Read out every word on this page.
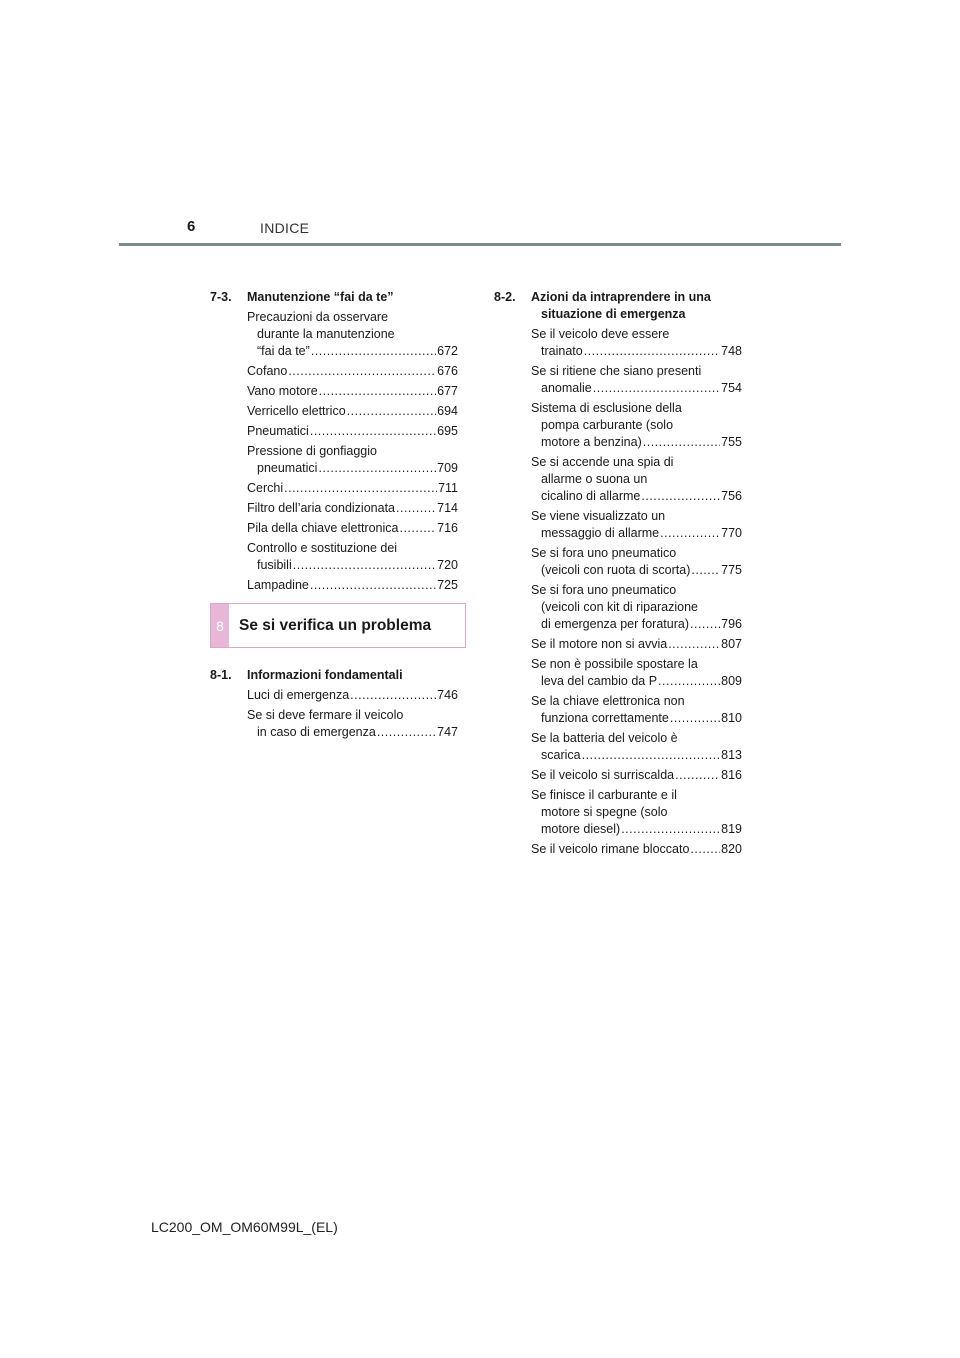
6	INDICE
7-3.	Manutenzione “fai da te”
Precauzioni da osservare
durante la manutenzione
“fai da te” .....	672
Cofano .....	676
Vano motore .....	677
Verricello elettrico .....	694
Pneumatici .....	695
Pressione di gonfiaggio
pneumatici .....	709
Cerchi .....	711
Filtro dell’aria condizionata .....	714
Pila della chiave elettronica .....	716
Controllo e sostituzione dei
fusibili .....	720
Lampadine .....	725
8 Se si verifica un problema
8-1.	Informazioni fondamentali
Luci di emergenza .....	746
Se si deve fermare il veicolo
in caso di emergenza .....	747
8-2.	Azioni da intraprendere in una
situazione di emergenza
Se il veicolo deve essere
trainato .....	748
Se si ritiene che siano presenti
anomalie .....	754
Sistema di esclusione della
pompa carburante (solo
motore a benzina) .....	755
Se si accende una spia di
allarme o suona un
cicalino di allarme .....	756
Se viene visualizzato un
messaggio di allarme .....	770
Se si fora uno pneumatico
(veicoli con ruota di scorta) ..... 775
Se si fora uno pneumatico
(veicoli con kit di riparazione
di emergenza per foratura) .....	796
Se il motore non si avvia .....	807
Se non è possibile spostare la
leva del cambio da P .....	809
Se la chiave elettronica non
funziona correttamente .....	810
Se la batteria del veicolo è
scarica .....	813
Se il veicolo si surriscalda .....	816
Se finisce il carburante e il
motore si spegne (solo
motore diesel) .....	819
Se il veicolo rimane bloccato .....	820
LC200_OM_OM60M99L_(EL)
